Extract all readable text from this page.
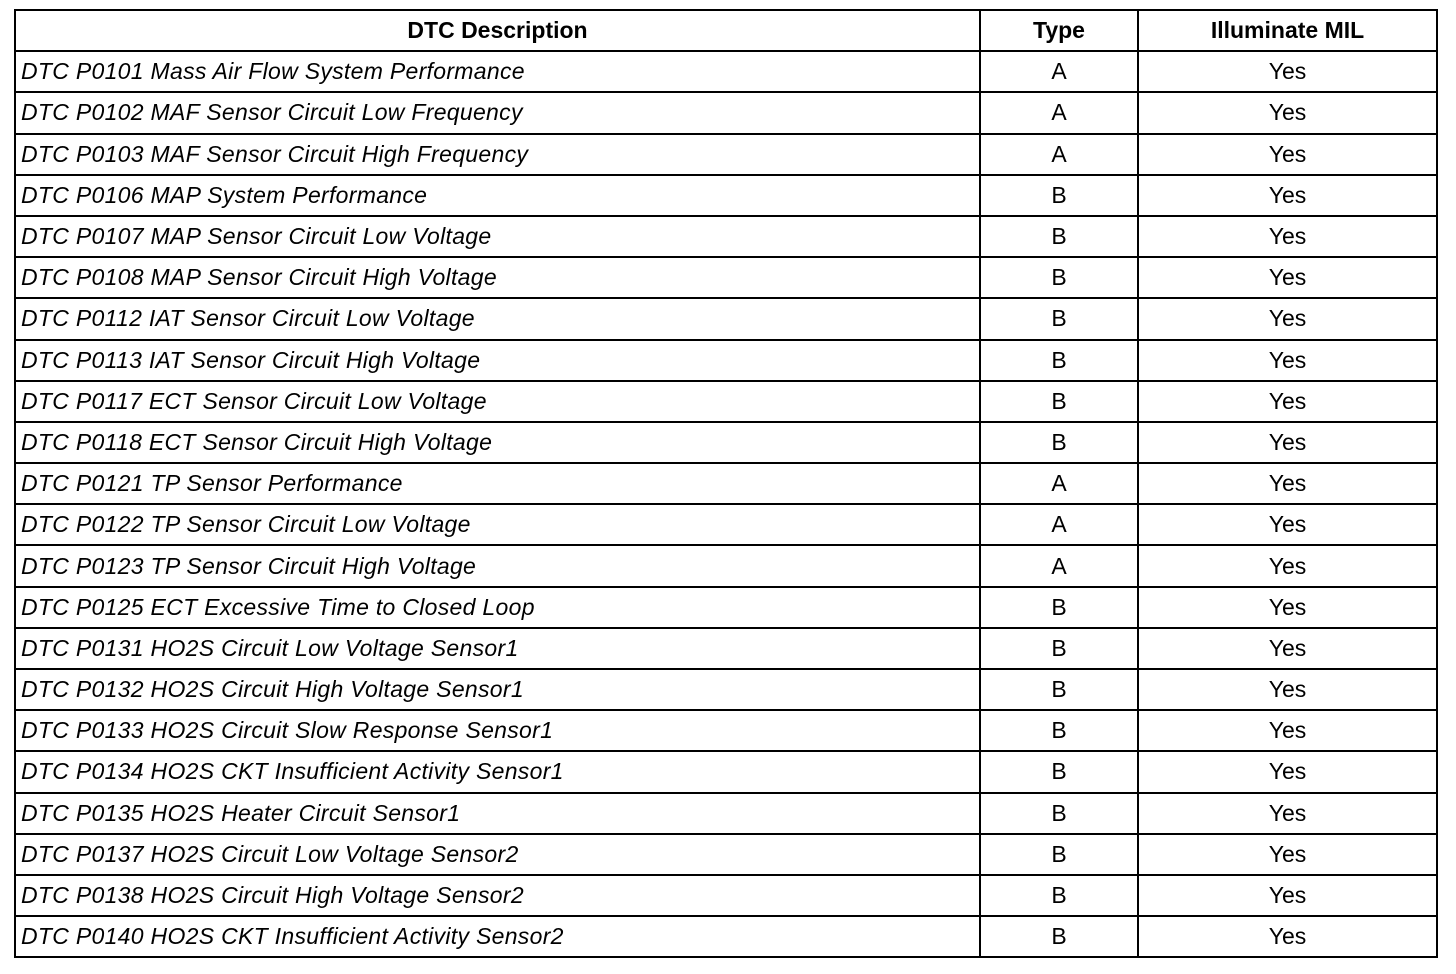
DTC Description	Type	Illuminate MIL
DTC P0101 Mass Air Flow System Performance	A	Yes
DTC P0102 MAF Sensor Circuit Low Frequency	A	Yes
DTC P0103 MAF Sensor Circuit High Frequency	A	Yes
DTC P0106 MAP System Performance	B	Yes
DTC P0107 MAP Sensor Circuit Low Voltage	B	Yes
DTC P0108 MAP Sensor Circuit High Voltage	B	Yes
DTC P0112 IAT Sensor Circuit Low Voltage	B	Yes
DTC P0113 IAT Sensor Circuit High Voltage	B	Yes
DTC P0117 ECT Sensor Circuit Low Voltage	B	Yes
DTC P0118 ECT Sensor Circuit High Voltage	B	Yes
DTC P0121 TP Sensor Performance	A	Yes
DTC P0122 TP Sensor Circuit Low Voltage	A	Yes
DTC P0123 TP Sensor Circuit High Voltage	A	Yes
DTC P0125 ECT Excessive Time to Closed Loop	B	Yes
DTC P0131 HO2S Circuit Low Voltage Sensor1	B	Yes
DTC P0132 HO2S Circuit High Voltage Sensor1	B	Yes
DTC P0133 HO2S Circuit Slow Response Sensor1	B	Yes
DTC P0134 HO2S CKT Insufficient Activity Sensor1	B	Yes
DTC P0135 HO2S Heater Circuit Sensor1	B	Yes
DTC P0137 HO2S Circuit Low Voltage Sensor2	B	Yes
DTC P0138 HO2S Circuit High Voltage Sensor2	B	Yes
DTC P0140 HO2S CKT Insufficient Activity Sensor2	B	Yes
